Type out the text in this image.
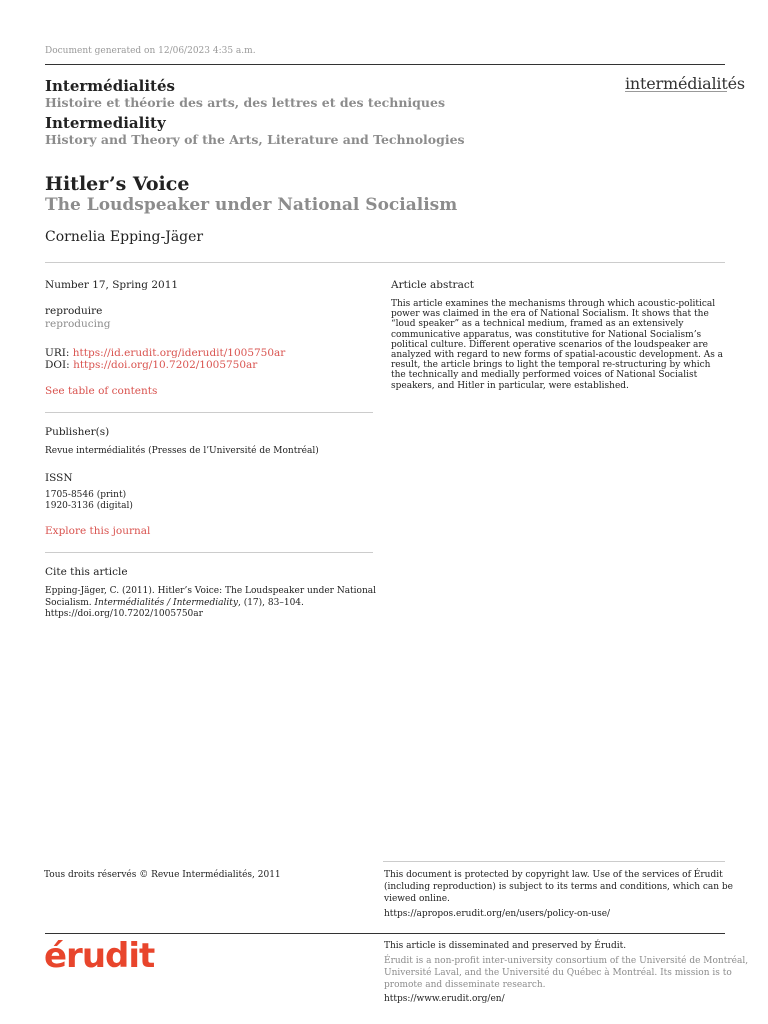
Document generated on 12/06/2023 4:35 a.m.
Intermédialités
Histoire et théorie des arts, des lettres et des techniques
Intermediality
History and Theory of the Arts, Literature and Technologies
intermédialités
Hitler’s Voice
The Loudspeaker under National Socialism
Cornelia Epping-Jäger
Number 17, Spring 2011
reproduire
reproducing
URI: https://id.erudit.org/iderudit/1005750ar
DOI: https://doi.org/10.7202/1005750ar
See table of contents
Publisher(s)
Revue intermédialités (Presses de l’Université de Montréal)
ISSN
1705-8546 (print)
1920-3136 (digital)
Explore this journal
Cite this article
Epping-Jäger, C. (2011). Hitler’s Voice: The Loudspeaker under National
Socialism. Intermédialités / Intermediality, (17), 83–104.
https://doi.org/10.7202/1005750ar
Article abstract
This article examines the mechanisms through which acoustic-political power was claimed in the era of National Socialism. It shows that the “loud speaker” as a technical medium, framed as an extensively communicative apparatus, was constitutive for National Socialism’s political culture. Different operative scenarios of the loudspeaker are analyzed with regard to new forms of spatial-acoustic development. As a result, the article brings to light the temporal re-structuring by which the technically and medially performed voices of National Socialist speakers, and Hitler in particular, were established.
Tous droits réservés © Revue Intermédialités, 2011	This document is protected by copyright law. Use of the services of Érudit
(including reproduction) is subject to its terms and conditions, which can be
viewed online.
https://apropos.erudit.org/en/users/policy-on-use/
érudit	This article is disseminated and preserved by Érudit.
Érudit is a non-profit inter-university consortium of the Université de Montréal,
Université Laval, and the Université du Québec à Montréal. Its mission is to
promote and disseminate research.
https://www.erudit.org/en/
